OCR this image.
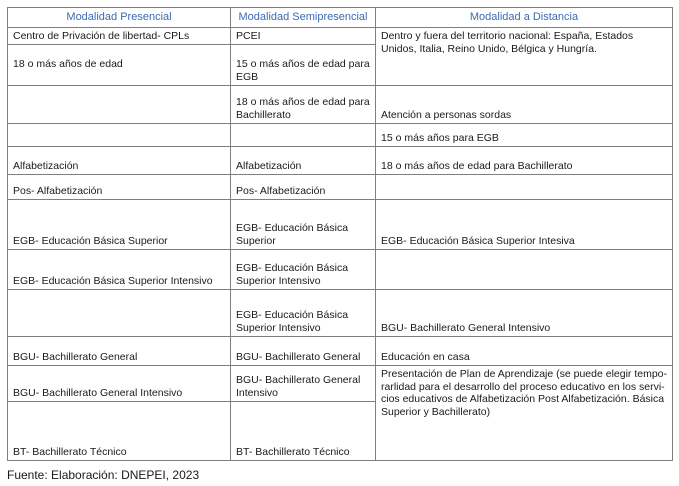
Modalidad Presencial	Modalidad Semipresencial	Modalidad a Distancia
Centro de Privación de libertad- CPLs	PCEI	Dentro y fuera del territorio nacional: España, Estados Unidos, Italia, Reino Unido, Bélgica y Hungría.
18 o más años de edad	15 o más años de edad para EGB	
	18 o más años de edad para Bachillerato	Atención a personas sordas
		15 o más años para EGB
Alfabetización	Alfabetización	18 o más años de edad para Bachillerato
Pos- Alfabetización	Pos- Alfabetización	
EGB- Educación Básica Superior	EGB- Educación Básica Superior	EGB- Educación Básica Superior Intesiva
EGB- Educación Básica Superior Intensivo	EGB- Educación Básica Superior Intensivo	
	EGB- Educación Básica Superior Intensivo	BGU- Bachillerato General Intensivo
BGU- Bachillerato General	BGU- Bachillerato General	Educación en casa
BGU- Bachillerato General Intensivo	BGU- Bachillerato General Intensivo	Presentación de Plan de Aprendizaje (se puede elegir tempo-rarlidad para el desarrollo del proceso educativo en los servi-cios educativos de Alfabetización Post Alfabetización. Básica Superior y Bachillerato)
BT- Bachillerato Técnico	BT- Bachillerato Técnico	
Fuente: Elaboración: DNEPEI, 2023
